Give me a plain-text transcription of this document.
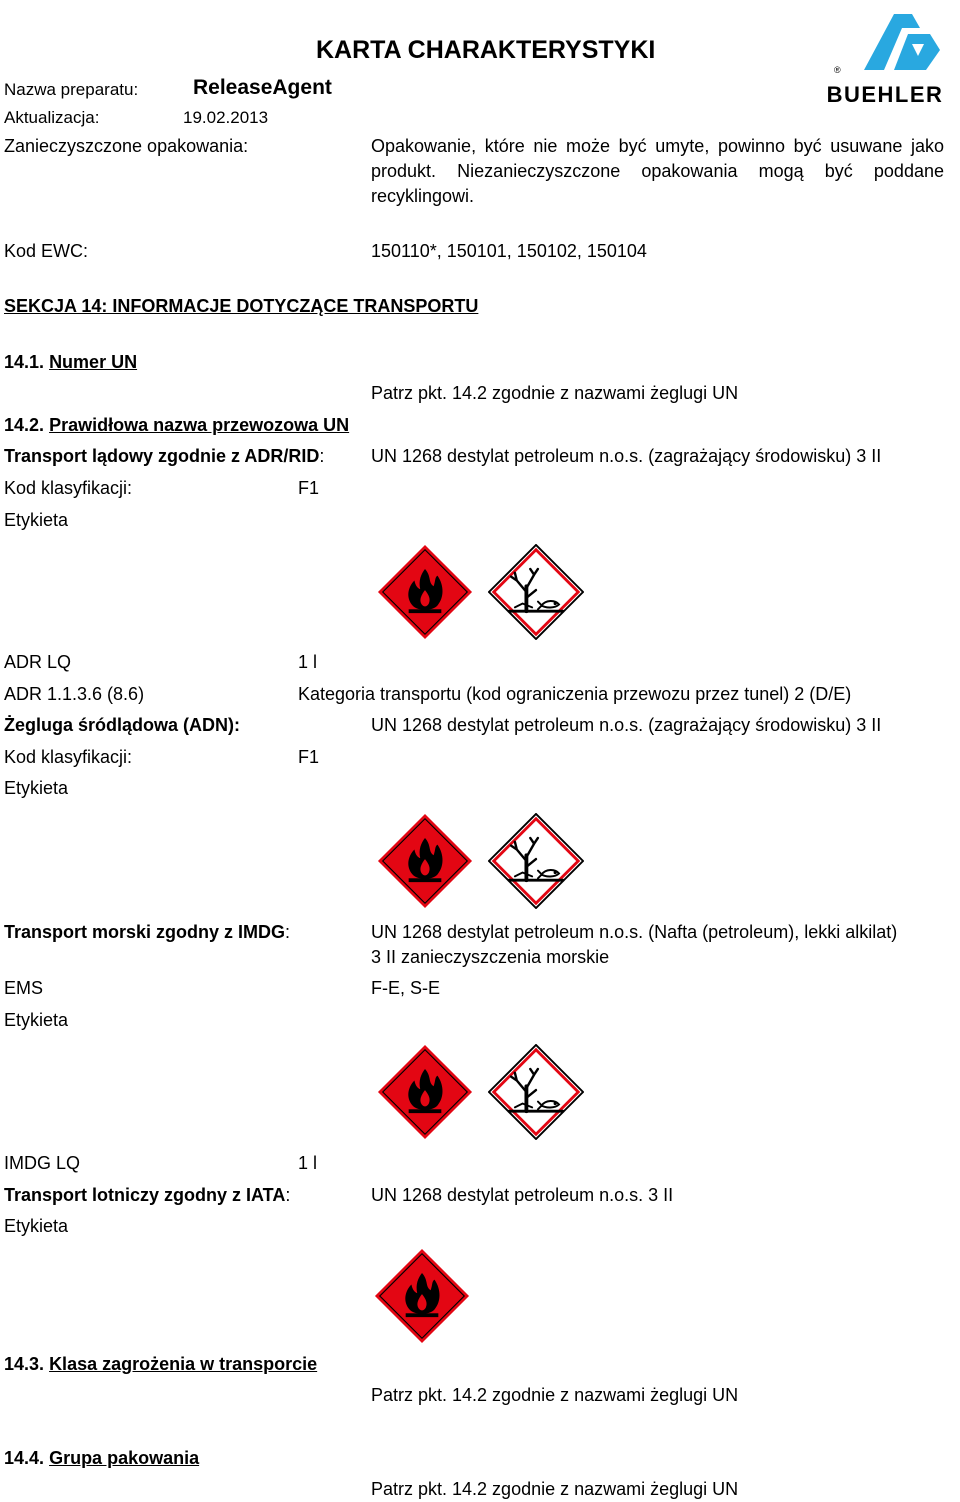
KARTA CHARAKTERYSTYKI
Nazwa preparatu:	ReleaseAgent
Aktualizacja:	19.02.2013
®
BUEHLER
Zanieczyszczone opakowania:	Opakowanie, które nie może być umyte, powinno być usuwane jako produkt. Niezanieczyszczone opakowania mogą być poddane recyklingowi.
Kod EWC:	150110*, 150101, 150102, 150104
SEKCJA 14: INFORMACJE DOTYCZĄCE TRANSPORTU
14.1. Numer UN
Patrz pkt. 14.2 zgodnie z nazwami żeglugi UN
14.2. Prawidłowa nazwa przewozowa UN
Transport lądowy zgodnie z ADR/RID:	UN 1268 destylat petroleum n.o.s. (zagrażający środowisku) 3 II
Kod klasyfikacji:	F1
Etykieta
ADR LQ	1 l
ADR 1.1.3.6 (8.6)	Kategoria transportu (kod ograniczenia przewozu przez tunel) 2 (D/E)
Żegluga śródlądowa (ADN):	UN 1268 destylat petroleum n.o.s. (zagrażający środowisku) 3 II
Kod klasyfikacji:	F1
Etykieta
Transport morski zgodny z IMDG:	UN 1268 destylat petroleum n.o.s. (Nafta (petroleum), lekki alkilat)
3 II zanieczyszczenia morskie
EMS	F-E, S-E
Etykieta
IMDG LQ	1 l
Transport lotniczy zgodny z IATA:	UN 1268 destylat petroleum n.o.s. 3 II
Etykieta
14.3. Klasa zagrożenia w transporcie
Patrz pkt. 14.2 zgodnie z nazwami żeglugi UN
14.4. Grupa pakowania
Patrz pkt. 14.2 zgodnie z nazwami żeglugi UN
